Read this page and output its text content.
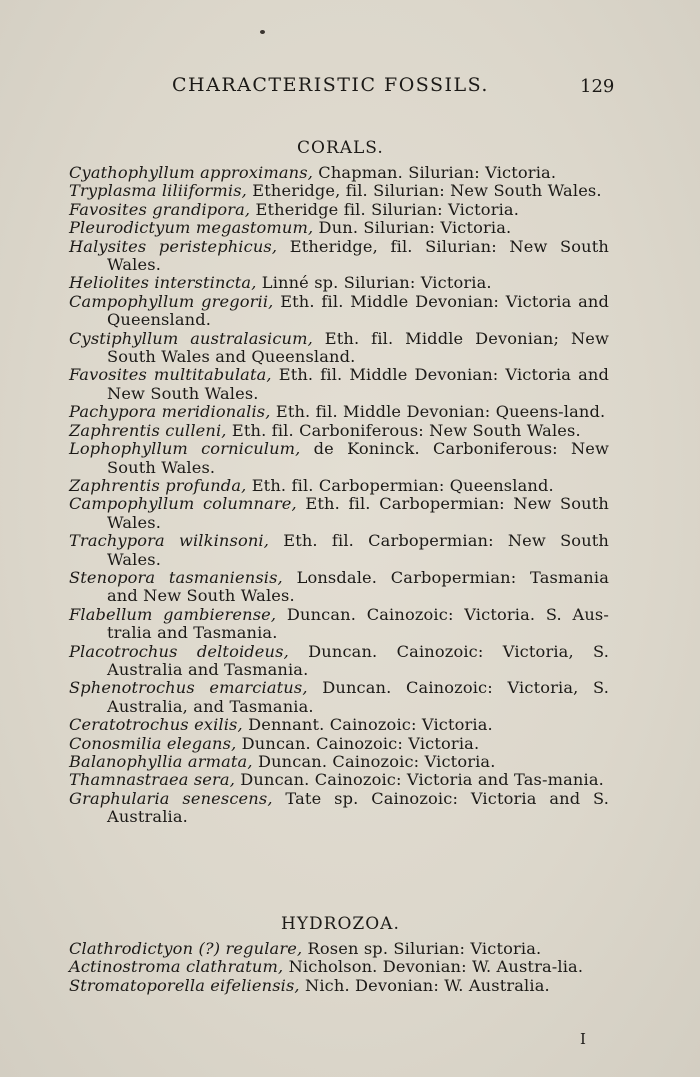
CHARACTERISTIC FOSSILS.	129
CORALS.
Cyathophyllum approximans, Chapman. Silurian: Victoria.
Tryplasma liliiformis, Etheridge, fil. Silurian: New South Wales.
Favosites grandipora, Etheridge fil. Silurian: Victoria.
Pleurodictyum megastomum, Dun. Silurian: Victoria.
Halysites peristephicus, Etheridge, fil. Silurian: New South Wales.
Heliolites interstincta, Linné sp. Silurian: Victoria.
Campophyllum gregorii, Eth. fil. Middle Devonian: Victoria and Queensland.
Cystiphyllum australasicum, Eth. fil. Middle Devonian; New South Wales and Queensland.
Favosites multitabulata, Eth. fil. Middle Devonian: Victoria and New South Wales.
Pachypora meridionalis, Eth. fil. Middle Devonian: Queens-land.
Zaphrentis culleni, Eth. fil. Carboniferous: New South Wales.
Lophophyllum corniculum, de Koninck. Carboniferous: New South Wales.
Zaphrentis profunda, Eth. fil. Carbopermian: Queensland.
Campophyllum columnare, Eth. fil. Carbopermian: New South Wales.
Trachypora wilkinsoni, Eth. fil. Carbopermian: New South Wales.
Stenopora tasmaniensis, Lonsdale. Carbopermian: Tasmania and New South Wales.
Flabellum gambierense, Duncan. Cainozoic: Victoria. S. Aus-tralia and Tasmania.
Placotrochus deltoideus, Duncan. Cainozoic: Victoria, S. Australia and Tasmania.
Sphenotrochus emarciatus, Duncan. Cainozoic: Victoria, S. Australia, and Tasmania.
Ceratotrochus exilis, Dennant. Cainozoic: Victoria.
Conosmilia elegans, Duncan. Cainozoic: Victoria.
Balanophyllia armata, Duncan. Cainozoic: Victoria.
Thamnastraea sera, Duncan. Cainozoic: Victoria and Tas-mania.
Graphularia senescens, Tate sp. Cainozoic: Victoria and S. Australia.
HYDROZOA.
Clathrodictyon (?) regulare, Rosen sp. Silurian: Victoria.
Actinostroma clathratum, Nicholson. Devonian: W. Austra-lia.
Stromatoporella eifeliensis, Nich. Devonian: W. Australia.
I
